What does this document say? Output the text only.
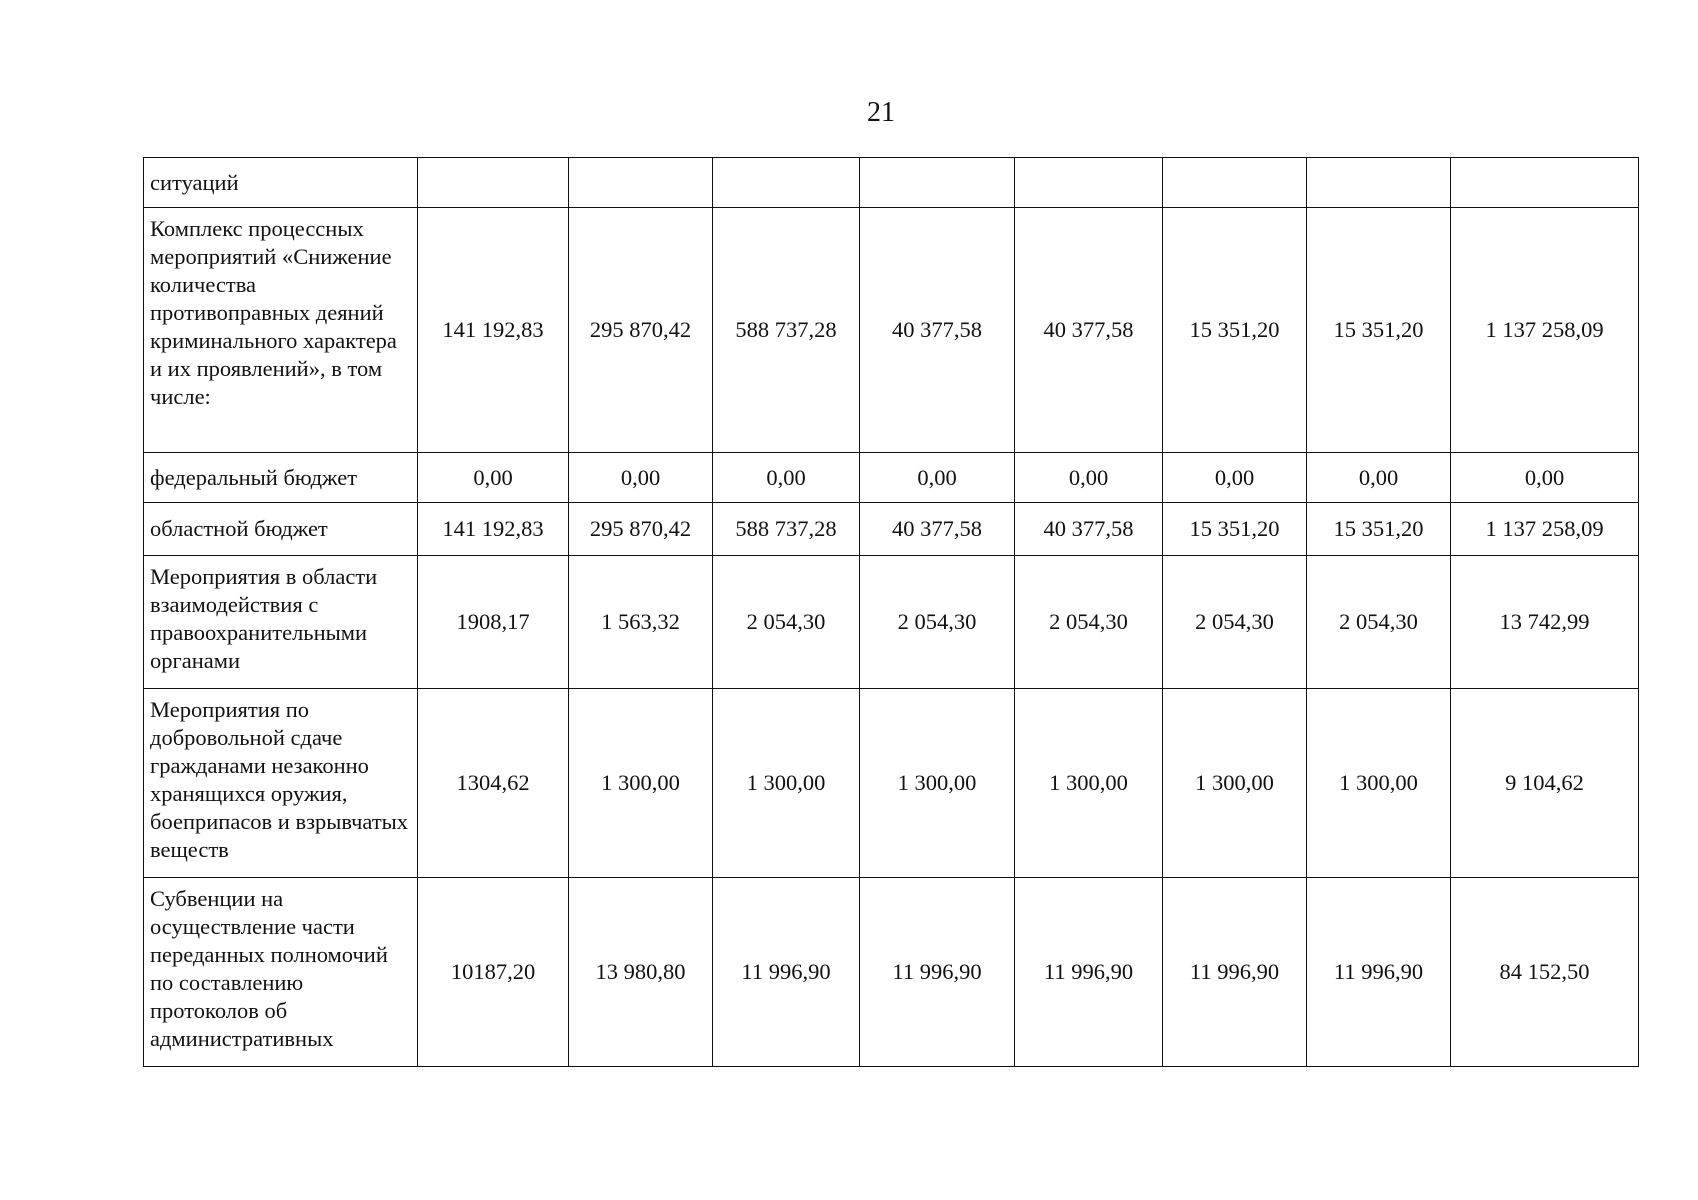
21
ситуаций								
Комплекс процессных мероприятий «Снижение количества противоправных деяний криминального характера и их проявлений», в том числе:	141 192,83	295 870,42	588 737,28	40 377,58	40 377,58	15 351,20	15 351,20	1 137 258,09
федеральный бюджет	0,00	0,00	0,00	0,00	0,00	0,00	0,00	0,00
областной бюджет	141 192,83	295 870,42	588 737,28	40 377,58	40 377,58	15 351,20	15 351,20	1 137 258,09
Мероприятия в области взаимодействия с правоохранительными органами	1908,17	1 563,32	2 054,30	2 054,30	2 054,30	2 054,30	2 054,30	13 742,99
Мероприятия по добровольной сдаче гражданами незаконно хранящихся оружия, боеприпасов и взрывчатых веществ	1304,62	1 300,00	1 300,00	1 300,00	1 300,00	1 300,00	1 300,00	9 104,62
Субвенции на осуществление части переданных полномочий по составлению протоколов об административных	10187,20	13 980,80	11 996,90	11 996,90	11 996,90	11 996,90	11 996,90	84 152,50
